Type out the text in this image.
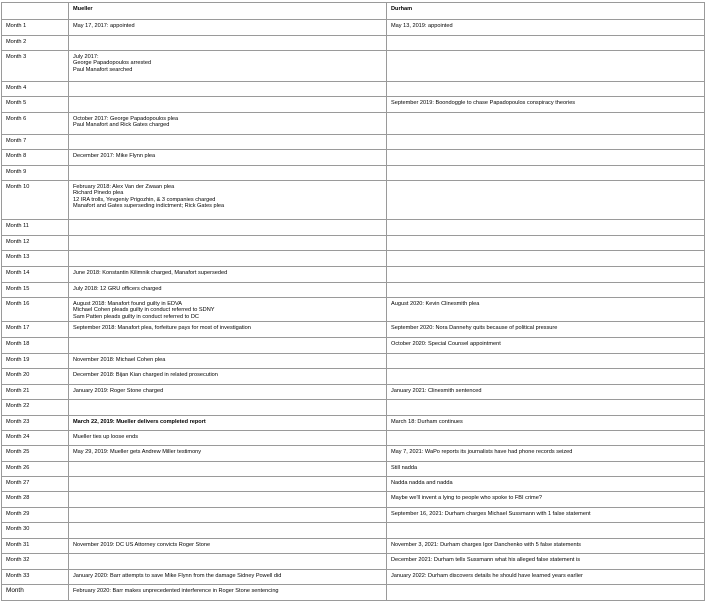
	Mueller	Durham
Month 1	May 17, 2017: appointed	May 13, 2019: appointed
Month 2		
Month 3	July 2017:
George Papadopoulos arrested
Paul Manafort searched	
Month 4		
Month 5		September 2019: Boondoggle to chase Papadopoulos conspiracy theories
Month 6	October 2017: George Papadopoulos plea
Paul Manafort and Rick Gates charged	
Month 7		
Month 8	December 2017: Mike Flynn plea	
Month 9		
Month 10	February 2018: Alex Van der Zwaan plea
Richard Pinedo plea
12 IRA trolls, Yevgeniy Prigozhin, & 3 companies charged
Manafort and Gates superseding indictment; Rick Gates plea	
Month 11		
Month 12		
Month 13		
Month 14	June 2018: Konstantin Kilimnik charged, Manafort superseded	
Month 15	July 2018: 12 GRU officers charged	
Month 16	August 2018: Manafort found guilty in EDVA
Michael Cohen pleads guilty in conduct referred to SDNY
Sam Patten pleads guilty in conduct referred to DC	August 2020: Kevin Clinesmith plea
Month 17	September 2018: Manafort plea, forfeiture pays for most of investigation	September 2020: Nora Dannehy quits because of political pressure
Month 18		October 2020: Special Counsel appointment
Month 19	November 2018: Michael Cohen plea	
Month 20	December 2018: Bijan Kian charged in related prosecution	
Month 21	January 2019: Roger Stone charged	January 2021: Clinesmith sentenced
Month 22		
Month 23	March 22, 2019: Mueller delivers completed report	March 18: Durham continues
Month 24	Mueller ties up loose ends	
Month 25	May 29, 2019: Mueller gets Andrew Miller testimony	May 7, 2021: WaPo reports its journalists have had phone records seized
Month 26		Still nadda
Month 27		Nadda nadda and nadda
Month 28		Maybe we'll invent a lying to people who spoke to FBI crime?
Month 29		September 16, 2021: Durham charges Michael Sussmann with 1 false statement
Month 30		
Month 31	November 2019: DC US Attorney convicts Roger Stone	November 3, 2021: Durham charges Igor Danchenko with 5 false statements
Month 32		December 2021: Durham tells Sussmann what his alleged false statement is
Month 33	January 2020: Barr attempts to save Mike Flynn from the damage Sidney Powell did	January 2022: Durham discovers details he should have learned years earlier
Month	February 2020: Barr makes unprecedented interference in Roger Stone sentencing	
